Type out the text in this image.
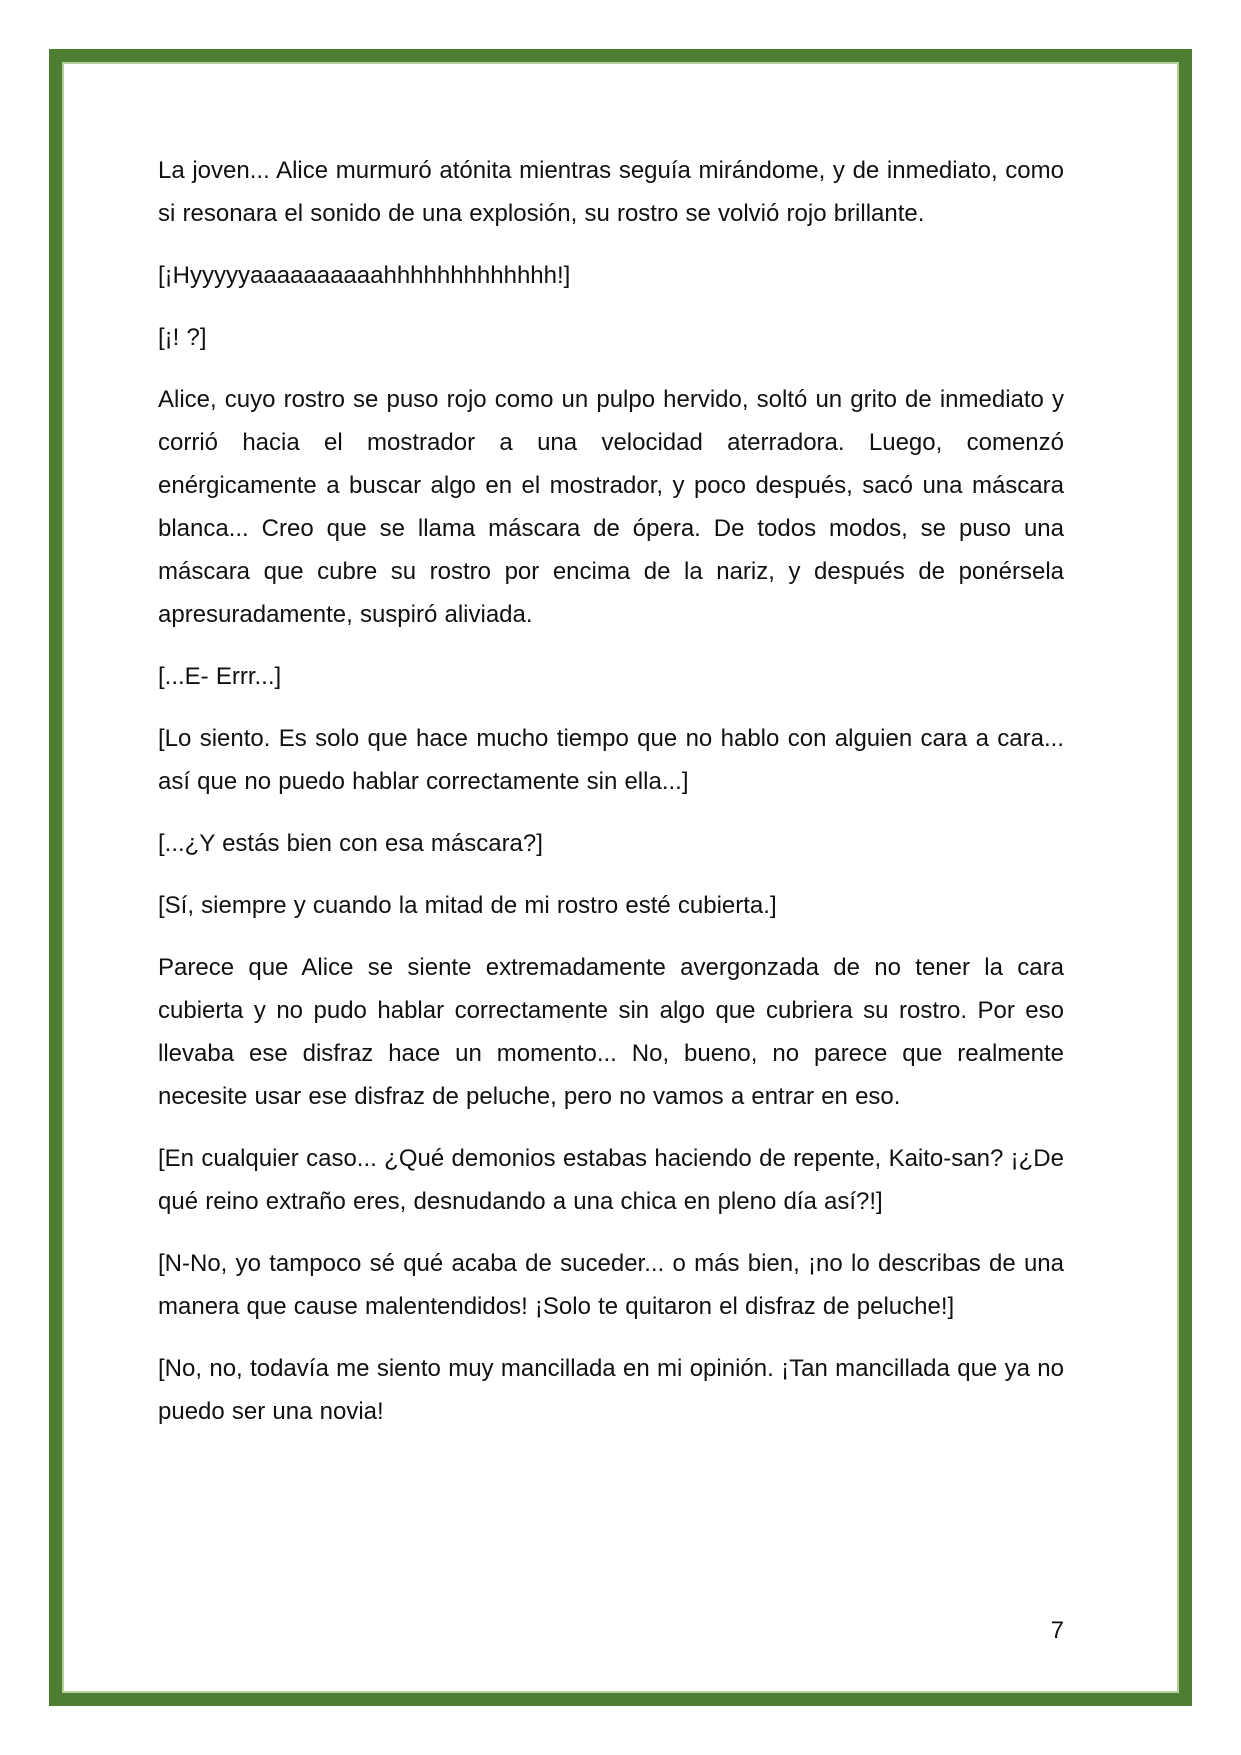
La joven... Alice murmuró atónita mientras seguía mirándome, y de inmediato, como si resonara el sonido de una explosión, su rostro se volvió rojo brillante.

[¡Hyyyyyaaaaaaaaaahhhhhhhhhhhhh!]

[¡! ?]

Alice, cuyo rostro se puso rojo como un pulpo hervido, soltó un grito de inmediato y corrió hacia el mostrador a una velocidad aterradora. Luego, comenzó enérgicamente a buscar algo en el mostrador, y poco después, sacó una máscara blanca... Creo que se llama máscara de ópera. De todos modos, se puso una máscara que cubre su rostro por encima de la nariz, y después de ponérsela apresuradamente, suspiró aliviada.

[...E- Errr...]

[Lo siento. Es solo que hace mucho tiempo que no hablo con alguien cara a cara... así que no puedo hablar correctamente sin ella...]

[...¿Y estás bien con esa máscara?]

[Sí, siempre y cuando la mitad de mi rostro esté cubierta.]

Parece que Alice se siente extremadamente avergonzada de no tener la cara cubierta y no pudo hablar correctamente sin algo que cubriera su rostro. Por eso llevaba ese disfraz hace un momento... No, bueno, no parece que realmente necesite usar ese disfraz de peluche, pero no vamos a entrar en eso.

[En cualquier caso... ¿Qué demonios estabas haciendo de repente, Kaito-san? ¡¿De qué reino extraño eres, desnudando a una chica en pleno día así?!]

[N-No, yo tampoco sé qué acaba de suceder... o más bien, ¡no lo describas de una manera que cause malentendidos! ¡Solo te quitaron el disfraz de peluche!]

[No, no, todavía me siento muy mancillada en mi opinión. ¡Tan mancillada que ya no puedo ser una novia!

7
